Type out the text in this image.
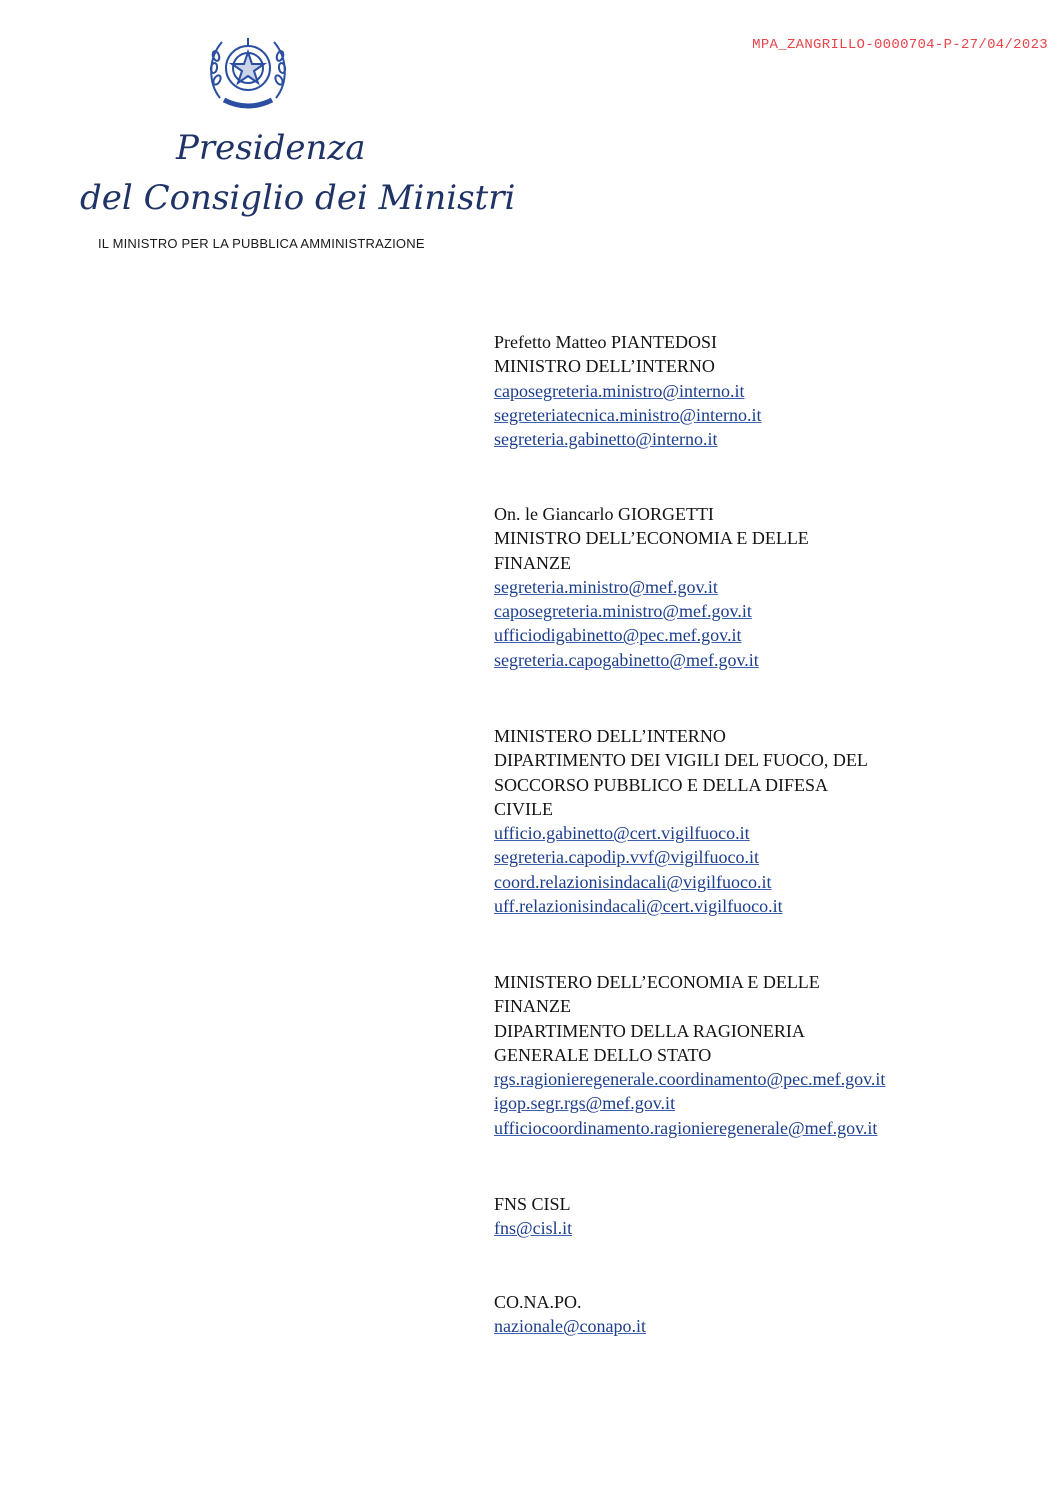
MPA_ZANGRILLO-0000704-P-27/04/2023
Presidenza
del Consiglio dei Ministri
IL MINISTRO PER LA PUBBLICA AMMINISTRAZIONE
Prefetto Matteo PIANTEDOSI
MINISTRO DELL’INTERNO
caposegreteria.ministro@interno.it
segreteriatecnica.ministro@interno.it
segreteria.gabinetto@interno.it
On. le Giancarlo GIORGETTI
MINISTRO DELL’ECONOMIA E DELLE
FINANZE
segreteria.ministro@mef.gov.it
caposegreteria.ministro@mef.gov.it
ufficiodigabinetto@pec.mef.gov.it
segreteria.capogabinetto@mef.gov.it
MINISTERO DELL’INTERNO
DIPARTIMENTO DEI VIGILI DEL FUOCO, DEL
SOCCORSO PUBBLICO E DELLA DIFESA
CIVILE
ufficio.gabinetto@cert.vigilfuoco.it
segreteria.capodip.vvf@vigilfuoco.it
coord.relazionisindacali@vigilfuoco.it
uff.relazionisindacali@cert.vigilfuoco.it
MINISTERO DELL’ECONOMIA E DELLE
FINANZE
DIPARTIMENTO DELLA RAGIONERIA
GENERALE DELLO STATO
rgs.ragionieregenerale.coordinamento@pec.mef.gov.it
igop.segr.rgs@mef.gov.it
ufficiocoordinamento.ragionieregenerale@mef.gov.it
FNS CISL
fns@cisl.it
CO.NA.PO.
nazionale@conapo.it
